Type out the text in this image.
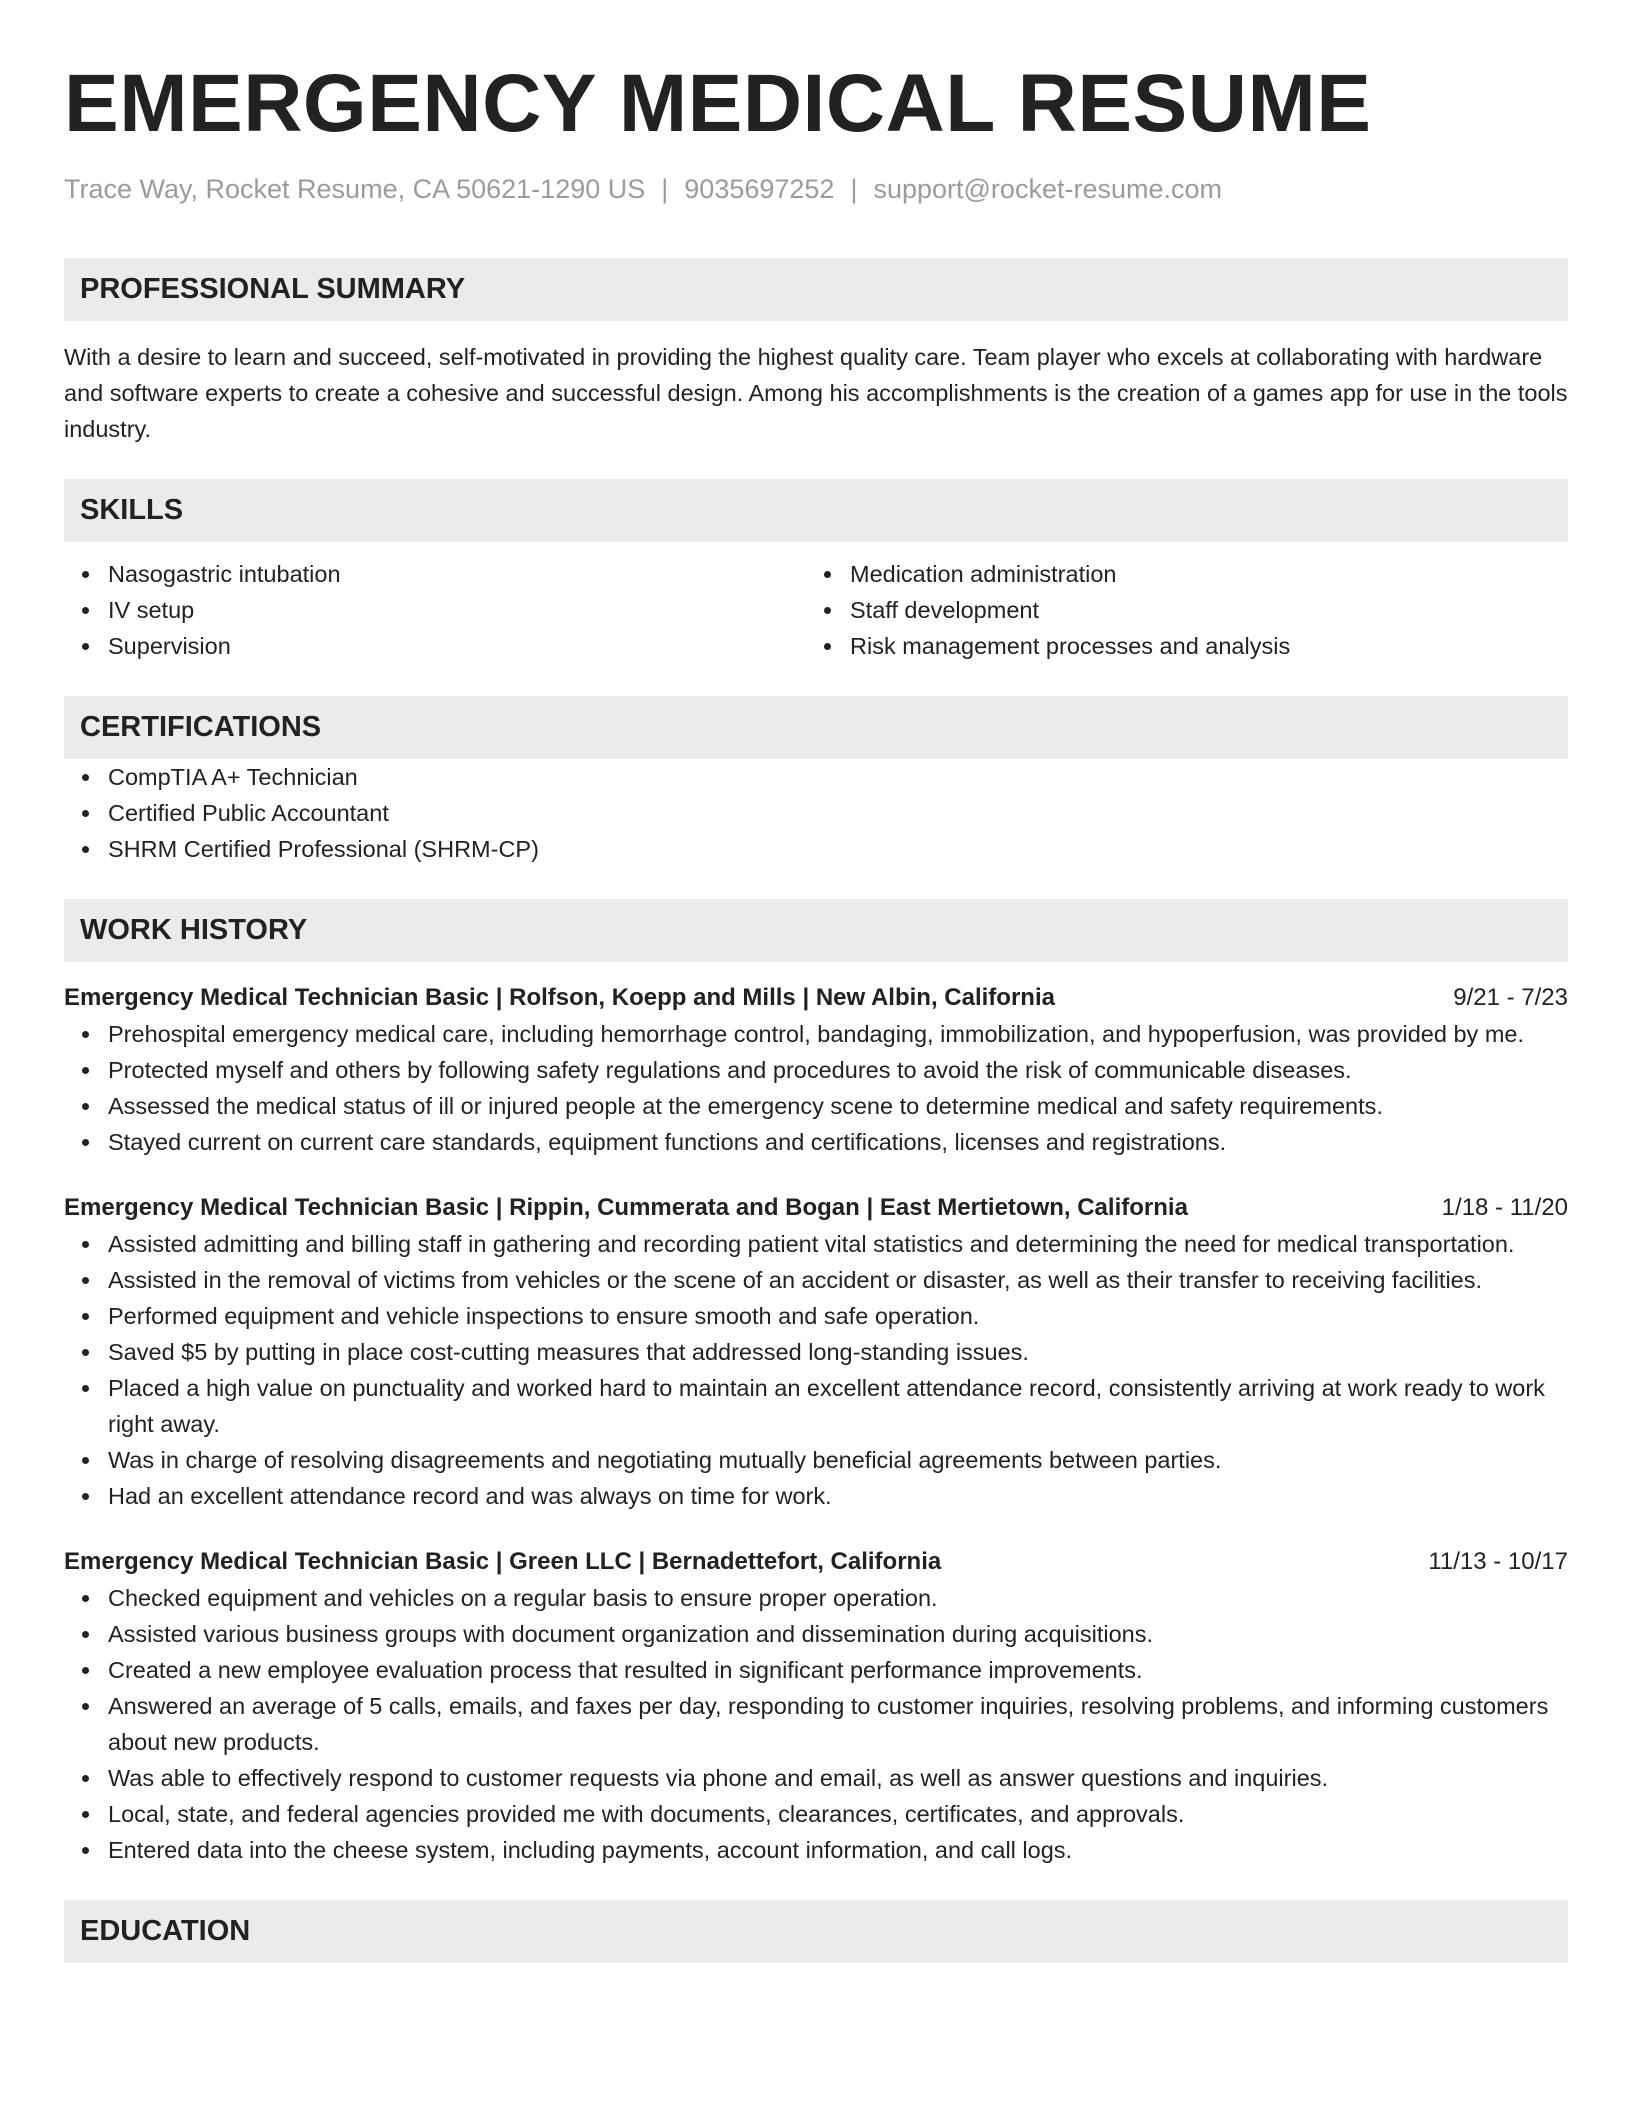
EMERGENCY MEDICAL RESUME
Trace Way, Rocket Resume, CA 50621-1290 US | 9035697252 | support@rocket-resume.com
PROFESSIONAL SUMMARY

With a desire to learn and succeed, self-motivated in providing the highest quality care. Team player who excels at collaborating with hardware and software experts to create a cohesive and successful design. Among his accomplishments is the creation of a games app for use in the tools industry.

SKILLS
Nasogastric intubation
IV setup
Supervision
Medication administration
Staff development
Risk management processes and analysis
CERTIFICATIONS
CompTIA A+ Technician
Certified Public Accountant
SHRM Certified Professional (SHRM-CP)
WORK HISTORY
Emergency Medical Technician Basic | Rolfson, Koepp and Mills | New Albin, California	9/21 - 7/23
Prehospital emergency medical care, including hemorrhage control, bandaging, immobilization, and hypoperfusion, was provided by me.
Protected myself and others by following safety regulations and procedures to avoid the risk of communicable diseases.
Assessed the medical status of ill or injured people at the emergency scene to determine medical and safety requirements.
Stayed current on current care standards, equipment functions and certifications, licenses and registrations.
Emergency Medical Technician Basic | Rippin, Cummerata and Bogan | East Mertietown, California	1/18 - 11/20
Assisted admitting and billing staff in gathering and recording patient vital statistics and determining the need for medical transportation.
Assisted in the removal of victims from vehicles or the scene of an accident or disaster, as well as their transfer to receiving facilities.
Performed equipment and vehicle inspections to ensure smooth and safe operation.
Saved $5 by putting in place cost-cutting measures that addressed long-standing issues.
Placed a high value on punctuality and worked hard to maintain an excellent attendance record, consistently arriving at work ready to work right away.
Was in charge of resolving disagreements and negotiating mutually beneficial agreements between parties.
Had an excellent attendance record and was always on time for work.
Emergency Medical Technician Basic | Green LLC | Bernadettefort, California	11/13 - 10/17
Checked equipment and vehicles on a regular basis to ensure proper operation.
Assisted various business groups with document organization and dissemination during acquisitions.
Created a new employee evaluation process that resulted in significant performance improvements.
Answered an average of 5 calls, emails, and faxes per day, responding to customer inquiries, resolving problems, and informing customers about new products.
Was able to effectively respond to customer requests via phone and email, as well as answer questions and inquiries.
Local, state, and federal agencies provided me with documents, clearances, certificates, and approvals.
Entered data into the cheese system, including payments, account information, and call logs.
EDUCATION
